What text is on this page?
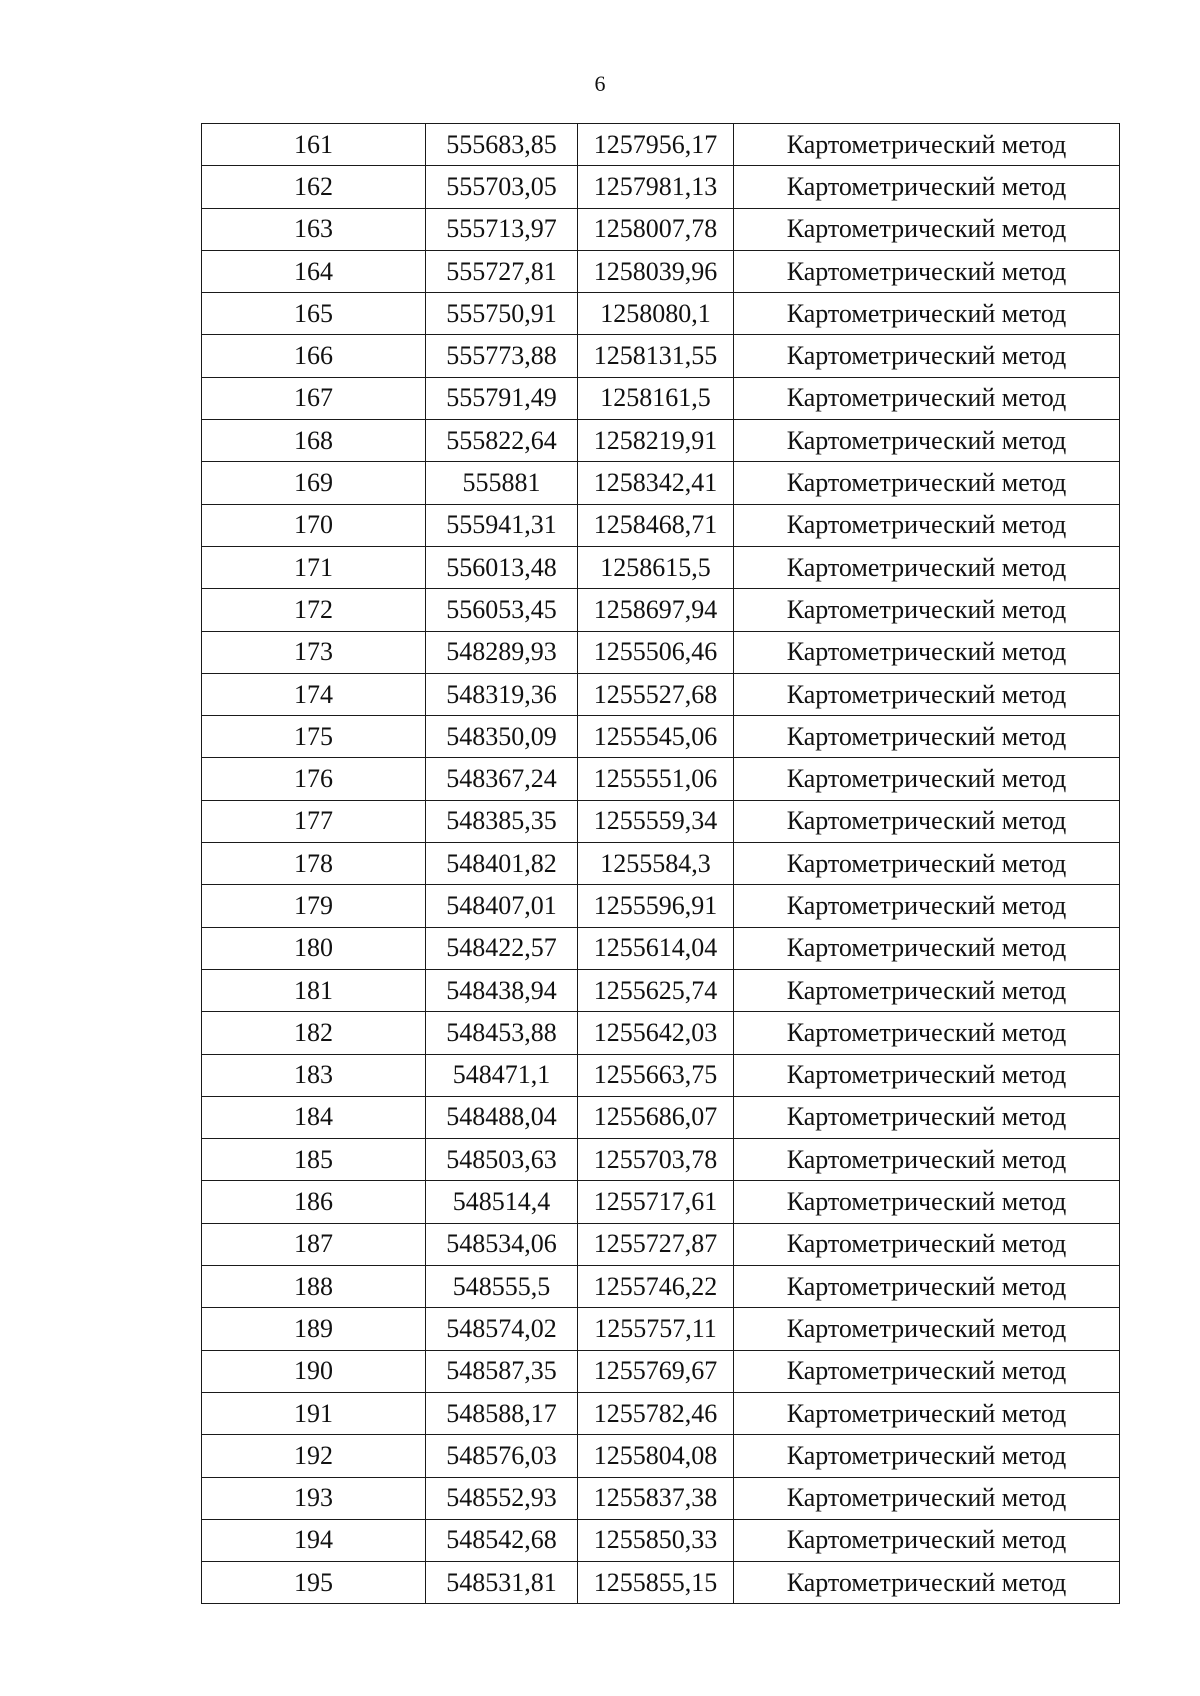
6
161	555683,85	1257956,17	Картометрический метод
162	555703,05	1257981,13	Картометрический метод
163	555713,97	1258007,78	Картометрический метод
164	555727,81	1258039,96	Картометрический метод
165	555750,91	1258080,1	Картометрический метод
166	555773,88	1258131,55	Картометрический метод
167	555791,49	1258161,5	Картометрический метод
168	555822,64	1258219,91	Картометрический метод
169	555881	1258342,41	Картометрический метод
170	555941,31	1258468,71	Картометрический метод
171	556013,48	1258615,5	Картометрический метод
172	556053,45	1258697,94	Картометрический метод
173	548289,93	1255506,46	Картометрический метод
174	548319,36	1255527,68	Картометрический метод
175	548350,09	1255545,06	Картометрический метод
176	548367,24	1255551,06	Картометрический метод
177	548385,35	1255559,34	Картометрический метод
178	548401,82	1255584,3	Картометрический метод
179	548407,01	1255596,91	Картометрический метод
180	548422,57	1255614,04	Картометрический метод
181	548438,94	1255625,74	Картометрический метод
182	548453,88	1255642,03	Картометрический метод
183	548471,1	1255663,75	Картометрический метод
184	548488,04	1255686,07	Картометрический метод
185	548503,63	1255703,78	Картометрический метод
186	548514,4	1255717,61	Картометрический метод
187	548534,06	1255727,87	Картометрический метод
188	548555,5	1255746,22	Картометрический метод
189	548574,02	1255757,11	Картометрический метод
190	548587,35	1255769,67	Картометрический метод
191	548588,17	1255782,46	Картометрический метод
192	548576,03	1255804,08	Картометрический метод
193	548552,93	1255837,38	Картометрический метод
194	548542,68	1255850,33	Картометрический метод
195	548531,81	1255855,15	Картометрический метод
